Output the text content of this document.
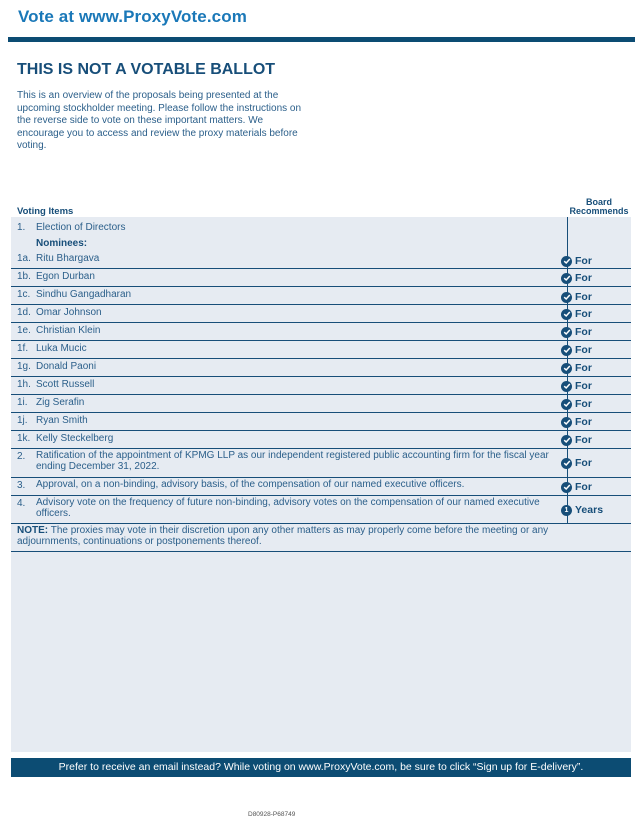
Vote at www.ProxyVote.com
THIS IS NOT A VOTABLE BALLOT
This is an overview of the proposals being presented at the upcoming stockholder meeting. Please follow the instructions on the reverse side to vote on these important matters. We encourage you to access and review the proxy materials before voting.
Board
Recommends
Voting Items
1. Election of Directors
Nominees:
1a. Ritu Bhargava	For
1b. Egon Durban	For
1c. Sindhu Gangadharan	For
1d. Omar Johnson	For
1e. Christian Klein	For
1f. Luka Mucic	For
1g. Donald Paoni	For
1h. Scott Russell	For
1i. Zig Serafin	For
1j. Ryan Smith	For
1k. Kelly Steckelberg	For
2. Ratification of the appointment of KPMG LLP as our independent registered public accounting firm for the fiscal year ending December 31, 2022.	For
3. Approval, on a non-binding, advisory basis, of the compensation of our named executive officers.	For
4. Advisory vote on the frequency of future non-binding, advisory votes on the compensation of our named executive officers.	1 Years
NOTE: The proxies may vote in their discretion upon any other matters as may properly come before the meeting or any adjournments, continuations or postponements thereof.
Prefer to receive an email instead? While voting on www.ProxyVote.com, be sure to click “Sign up for E-delivery”.
D80928-P68749
